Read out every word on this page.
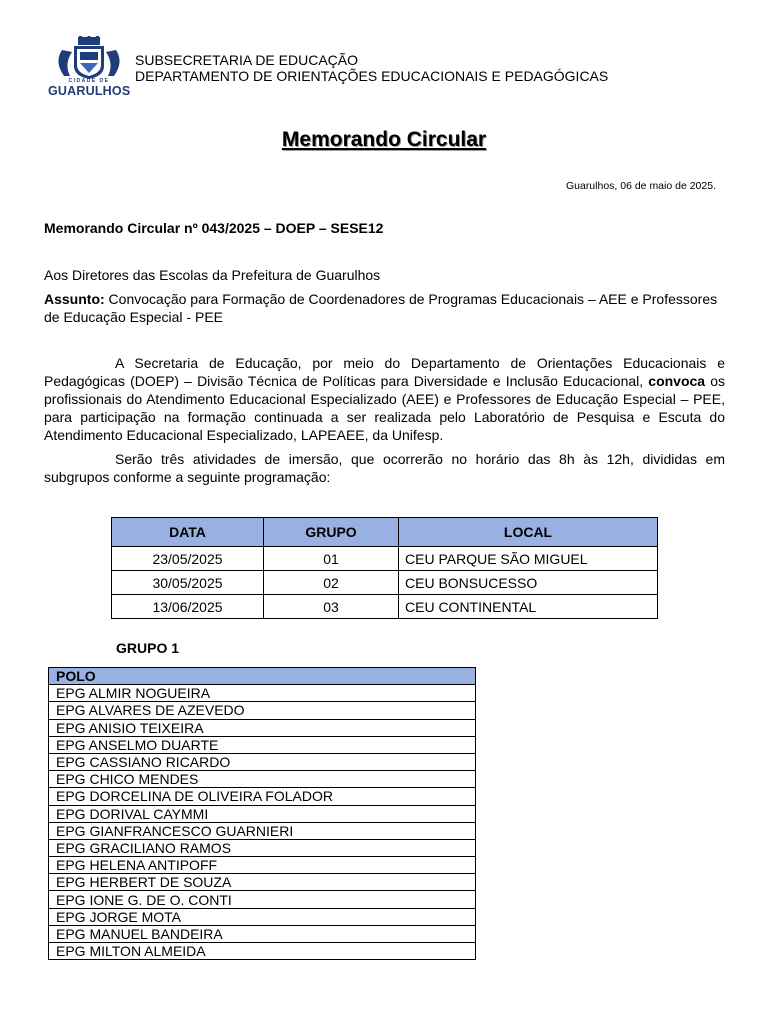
CIDADE DE
GUARULHOS
SUBSECRETARIA DE EDUCAÇÃO
DEPARTAMENTO DE ORIENTAÇÕES EDUCACIONAIS E PEDAGÓGICAS
Memorando Circular
Guarulhos, 06 de maio de 2025.
Memorando Circular nº 043/2025 – DOEP – SESE12
Aos Diretores das Escolas da Prefeitura de Guarulhos
Assunto: Convocação para Formação de Coordenadores de Programas Educacionais – AEE e Professores de Educação Especial - PEE
A Secretaria de Educação, por meio do Departamento de Orientações Educacionais e Pedagógicas (DOEP) – Divisão Técnica de Políticas para Diversidade e Inclusão Educacional, convoca os profissionais do Atendimento Educacional Especializado (AEE) e Professores de Educação Especial – PEE, para participação na formação continuada a ser realizada pelo Laboratório de Pesquisa e Escuta do Atendimento Educacional Especializado, LAPEAEE, da Unifesp.
Serão três atividades de imersão, que ocorrerão no horário das 8h às 12h, divididas em subgrupos conforme a seguinte programação:
DATA	GRUPO	LOCAL
23/05/2025	01	CEU PARQUE SÃO MIGUEL
30/05/2025	02	CEU BONSUCESSO
13/06/2025	03	CEU CONTINENTAL
GRUPO 1
POLO
EPG ALMIR NOGUEIRA
EPG ALVARES DE AZEVEDO
EPG ANISIO TEIXEIRA
EPG ANSELMO DUARTE
EPG CASSIANO RICARDO
EPG CHICO MENDES
EPG DORCELINA DE OLIVEIRA FOLADOR
EPG DORIVAL CAYMMI
EPG GIANFRANCESCO GUARNIERI
EPG GRACILIANO RAMOS
EPG HELENA ANTIPOFF
EPG HERBERT DE SOUZA
EPG IONE G. DE O. CONTI
EPG JORGE MOTA
EPG MANUEL BANDEIRA
EPG MILTON ALMEIDA
